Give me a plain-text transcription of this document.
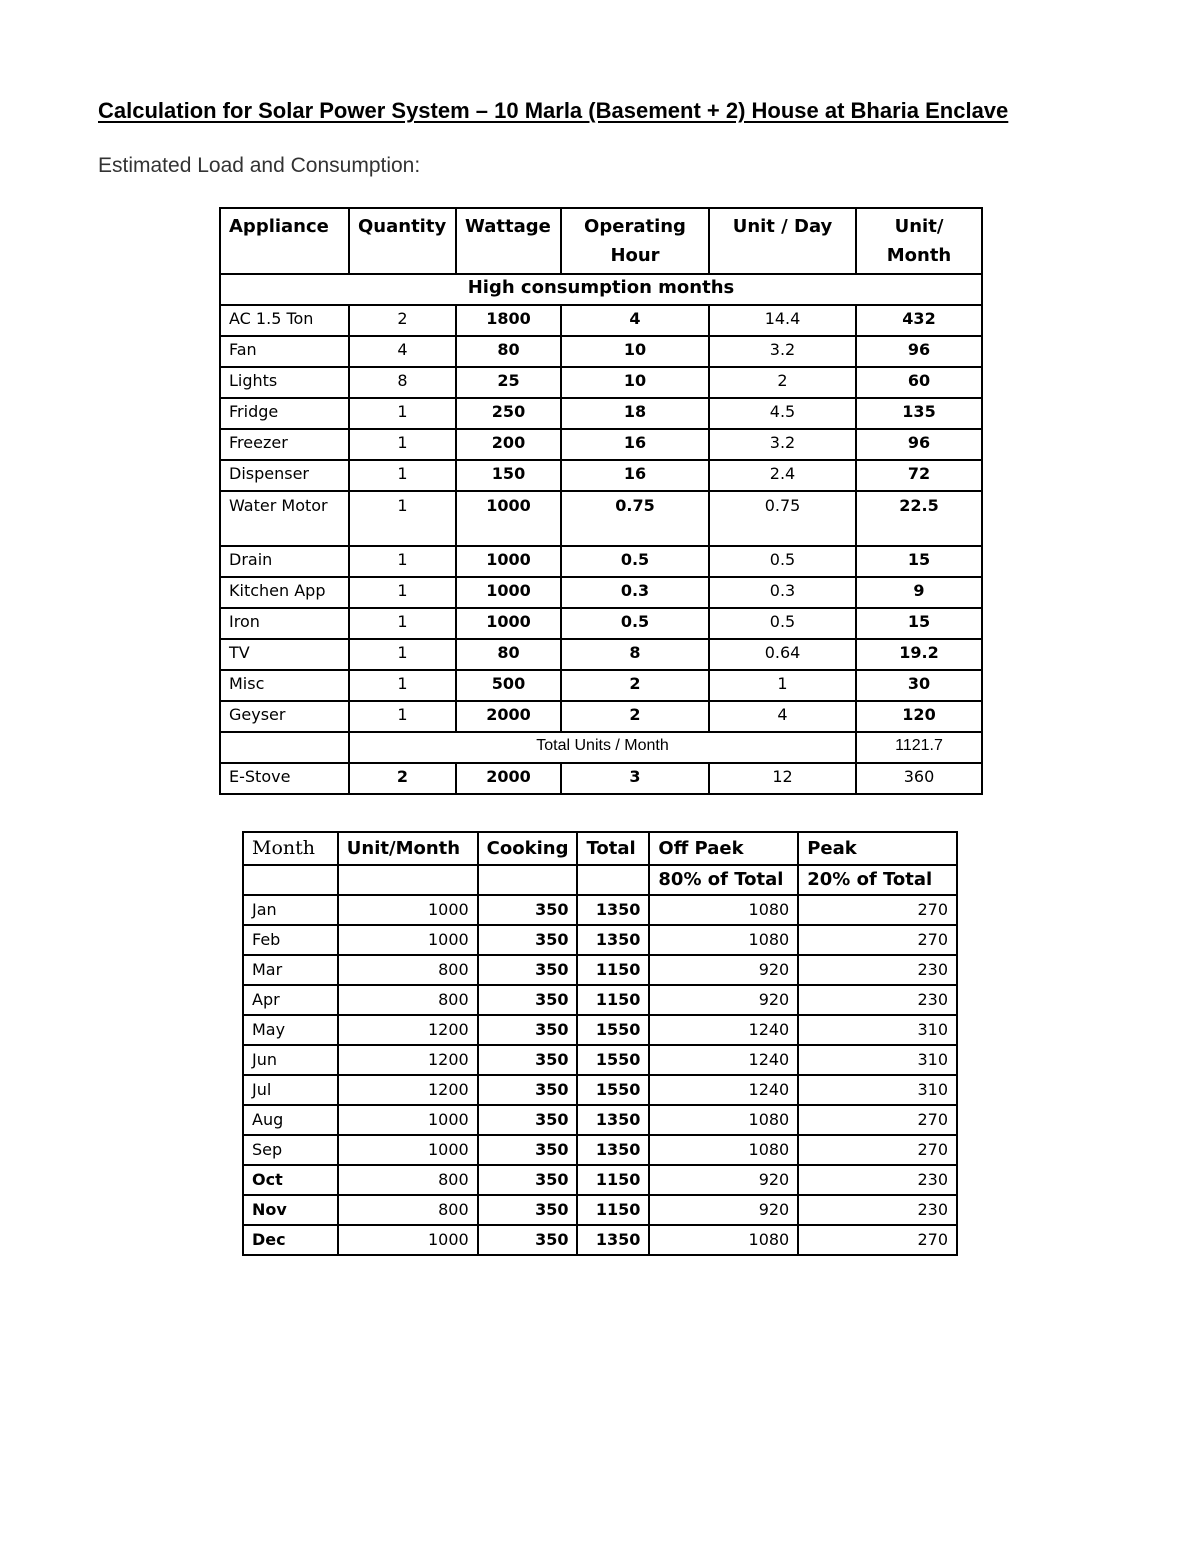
Calculation for Solar Power System – 10 Marla (Basement + 2) House at Bharia Enclave
Estimated Load and Consumption:
Appliance	Quantity	Wattage	Operating Hour	Unit / Day	Unit/ Month
High consumption months					
AC 1.5 Ton	2	1800	4	14.4	432
Fan	4	80	10	3.2	96
Lights	8	25	10	2	60
Fridge	1	250	18	4.5	135
Freezer	1	200	16	3.2	96
Dispenser	1	150	16	2.4	72
Water Motor	1	1000	0.75	0.75	22.5
Drain	1	1000	0.5	0.5	15
Kitchen App	1	1000	0.3	0.3	9
Iron	1	1000	0.5	0.5	15
TV	1	80	8	0.64	19.2
Misc	1	500	2	1	30
Geyser	1	2000	2	4	120
	Total Units / Month				1121.7
E-Stove	2	2000	3	12	360
Month	Unit/Month	Cooking	Total	Off Paek	Peak
				80% of Total	20% of Total
Jan	1000	350	1350	1080	270
Feb	1000	350	1350	1080	270
Mar	800	350	1150	920	230
Apr	800	350	1150	920	230
May	1200	350	1550	1240	310
Jun	1200	350	1550	1240	310
Jul	1200	350	1550	1240	310
Aug	1000	350	1350	1080	270
Sep	1000	350	1350	1080	270
Oct	800	350	1150	920	230
Nov	800	350	1150	920	230
Dec	1000	350	1350	1080	270
